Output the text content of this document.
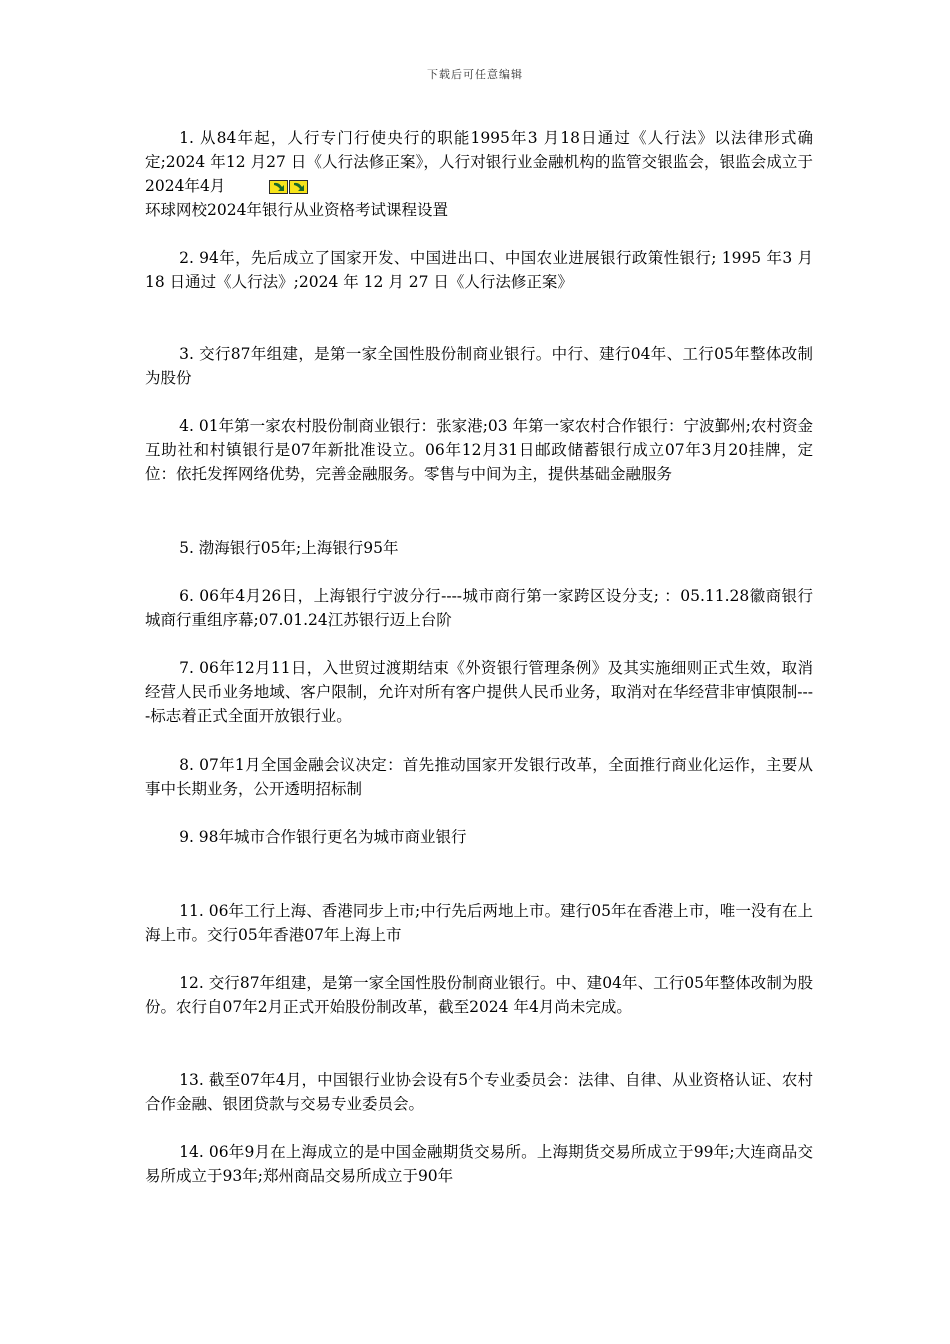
下载后可任意编辑

1. 从84年起，人行专门行使央行的职能1995年3 月18日通过《人行法》以法律形式确定;2024 年12 月27 日《人行法修正案》，人行对银行业金融机构的监管交银监会，银监会成立于2024年4月

环球网校2024年银行从业资格考试课程设置

2. 94年，先后成立了国家开发、中国进出口、中国农业进展银行政策性银行; 1995 年3 月18 日通过《人行法》;2024 年 12 月 27 日《人行法修正案》

3. 交行87年组建，是第一家全国性股份制商业银行。中行、建行04年、工行05年整体改制为股份

4. 01年第一家农村股份制商业银行：张家港;03 年第一家农村合作银行：宁波鄞州;农村资金互助社和村镇银行是07年新批准设立。06年12月31日邮政储蓄银行成立07年3月20挂牌，定位：依托发挥网络优势，完善金融服务。零售与中间为主，提供基础金融服务

5. 渤海银行05年;上海银行95年

6. 06年4月26日，上海银行宁波分行----城市商行第一家跨区设分支; ：05.11.28徽商银行城商行重组序幕;07.01.24江苏银行迈上台阶

7. 06年12月11日，入世贸过渡期结束《外资银行管理条例》及其实施细则正式生效，取消经营人民币业务地域、客户限制，允许对所有客户提供人民币业务，取消对在华经营非审慎限制----标志着正式全面开放银行业。

8. 07年1月全国金融会议决定：首先推动国家开发银行改革，全面推行商业化运作，主要从事中长期业务，公开透明招标制

9. 98年城市合作银行更名为城市商业银行

11. 06年工行上海、香港同步上市;中行先后两地上市。建行05年在香港上市，唯一没有在上海上市。交行05年香港07年上海上市

12. 交行87年组建，是第一家全国性股份制商业银行。中、建04年、工行05年整体改制为股份。农行自07年2月正式开始股份制改革，截至2024 年4月尚未完成。

13. 截至07年4月，中国银行业协会设有5个专业委员会：法律、自律、从业资格认证、农村合作金融、银团贷款与交易专业委员会。

14. 06年9月在上海成立的是中国金融期货交易所。上海期货交易所成立于99年;大连商品交易所成立于93年;郑州商品交易所成立于90年
